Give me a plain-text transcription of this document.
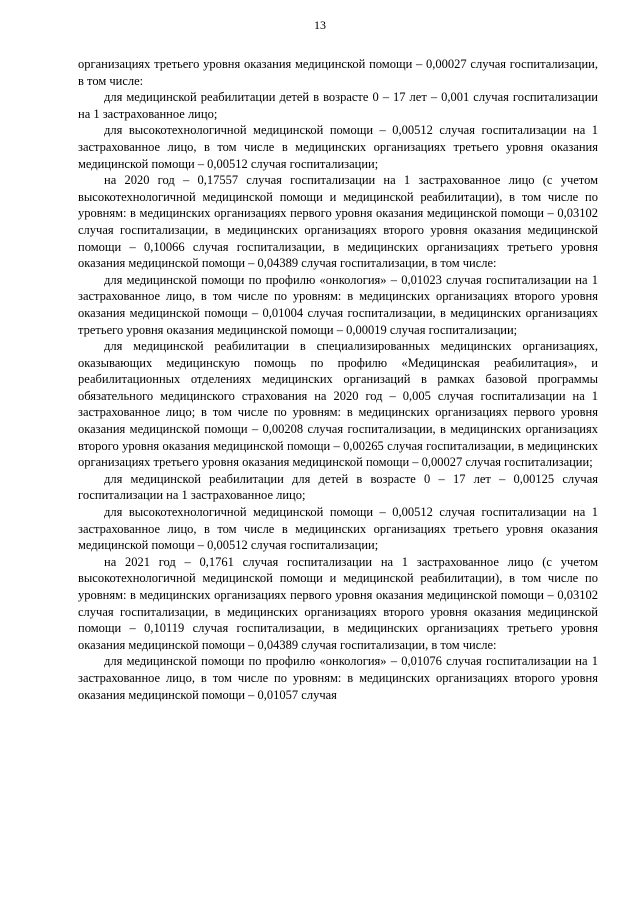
13

организациях третьего уровня оказания медицинской помощи – 0,00027 случая госпитализации, в том числе:

для медицинской реабилитации детей в возрасте 0 – 17 лет – 0,001 случая госпитализации на 1 застрахованное лицо;

для высокотехнологичной медицинской помощи – 0,00512 случая госпитализации на 1 застрахованное лицо, в том числе в медицинских организациях третьего уровня оказания медицинской помощи – 0,00512 случая госпитализации;

на 2020 год – 0,17557 случая госпитализации на 1 застрахованное лицо (с учетом высокотехнологичной медицинской помощи и медицинской реабилитации), в том числе по уровням: в медицинских организациях первого уровня оказания медицинской помощи – 0,03102 случая госпитализации, в медицинских организациях второго уровня оказания медицинской помощи – 0,10066 случая госпитализации, в медицинских организациях третьего уровня оказания медицинской помощи – 0,04389 случая госпитализации, в том числе:

для медицинской помощи по профилю «онкология» – 0,01023 случая госпитализации на 1 застрахованное лицо, в том числе по уровням: в медицинских организациях второго уровня оказания медицинской помощи – 0,01004 случая госпитализации, в медицинских организациях третьего уровня оказания медицинской помощи – 0,00019 случая госпитализации;

для медицинской реабилитации в специализированных медицинских организациях, оказывающих медицинскую помощь по профилю «Медицинская реабилитация», и реабилитационных отделениях медицинских организаций в рамках базовой программы обязательного медицинского страхования на 2020 год – 0,005 случая госпитализации на 1 застрахованное лицо; в том числе по уровням: в медицинских организациях первого уровня оказания медицинской помощи – 0,00208 случая госпитализации, в медицинских организациях второго уровня оказания медицинской помощи – 0,00265 случая госпитализации, в медицинских организациях третьего уровня оказания медицинской помощи – 0,00027 случая госпитализации;

для медицинской реабилитации для детей в возрасте 0 – 17 лет – 0,00125 случая госпитализации на 1 застрахованное лицо;

для высокотехнологичной медицинской помощи – 0,00512 случая госпитализации на 1 застрахованное лицо, в том числе в медицинских организациях третьего уровня оказания медицинской помощи – 0,00512 случая госпитализации;

на 2021 год – 0,1761 случая госпитализации на 1 застрахованное лицо (с учетом высокотехнологичной медицинской помощи и медицинской реабилитации), в том числе по уровням: в медицинских организациях первого уровня оказания медицинской помощи – 0,03102 случая госпитализации, в медицинских организациях второго уровня оказания медицинской помощи – 0,10119 случая госпитализации, в медицинских организациях третьего уровня оказания медицинской помощи – 0,04389 случая госпитализации, в том числе:

для медицинской помощи по профилю «онкология» – 0,01076 случая госпитализации на 1 застрахованное лицо, в том числе по уровням: в медицинских организациях второго уровня оказания медицинской помощи – 0,01057 случая
